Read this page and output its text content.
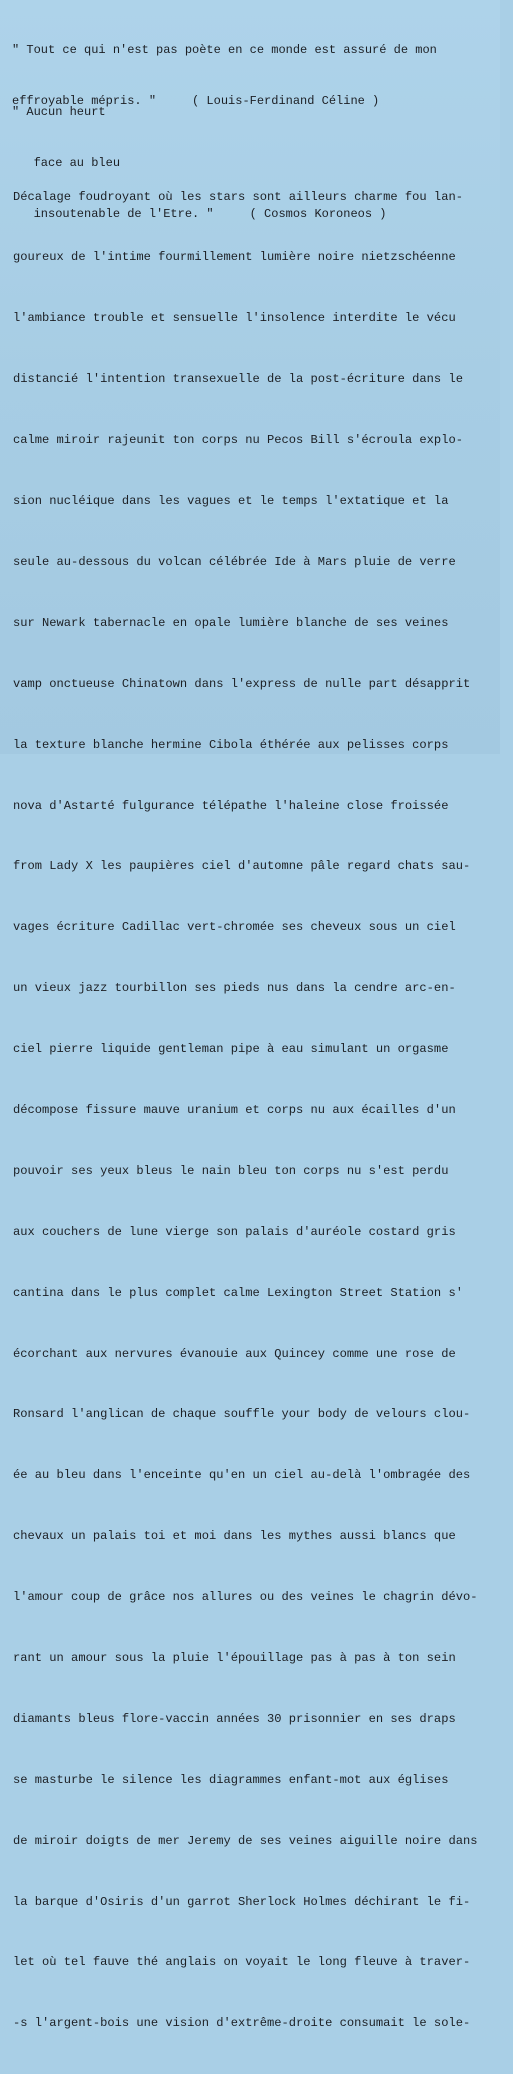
" Tout ce qui n'est pas poète en ce monde est assuré de mon

effroyable mépris. "     ( Louis-Ferdinand Céline )

" Aucun heurt

face au bleu

insoutenable de l'Etre. "     ( Cosmos Koroneos )

Décalage foudroyant où les stars sont ailleurs charme fou lan-

goureux de l'intime fourmillement lumière noire nietzschéenne

l'ambiance trouble et sensuelle l'insolence interdite le vécu

distancié l'intention transexuelle de la post-écriture dans le

calme miroir rajeunit ton corps nu Pecos Bill s'écroula explo-

sion nucléique dans les vagues et le temps l'extatique et la

seule au-dessous du volcan célébrée Ide à Mars pluie de verre

sur Newark tabernacle en opale lumière blanche de ses veines

vamp onctueuse Chinatown dans l'express de nulle part désapprit

la texture blanche hermine Cibola éthérée aux pelisses corps

nova d'Astarté fulgurance télépathe l'haleine close froissée

from Lady X les paupières ciel d'automne pâle regard chats sau-

vages écriture Cadillac vert-chromée ses cheveux sous un ciel

un vieux jazz tourbillon ses pieds nus dans la cendre arc-en-

ciel pierre liquide gentleman pipe à eau simulant un orgasme

décompose fissure mauve uranium et corps nu aux écailles d'un

pouvoir ses yeux bleus le nain bleu ton corps nu s'est perdu

aux couchers de lune vierge son palais d'auréole costard gris

cantina dans le plus complet calme Lexington Street Station s'

écorchant aux nervures évanouie aux Quincey comme une rose de

Ronsard l'anglican de chaque souffle your body de velours clou-

ée au bleu dans l'enceinte qu'en un ciel au-delà l'ombragée des

chevaux un palais toi et moi dans les mythes aussi blancs que

l'amour coup de grâce nos allures ou des veines le chagrin dévo-

rant un amour sous la pluie l'épouillage pas à pas à ton sein

diamants bleus flore-vaccin années 30 prisonnier en ses draps

se masturbe le silence les diagrammes enfant-mot aux églises

de miroir doigts de mer Jeremy de ses veines aiguille noire dans

la barque d'Osiris d'un garrot Sherlock Holmes déchirant le fi-

let où tel fauve thé anglais on voyait le long fleuve à traver-

-s l'argent-bois une vision d'extrême-droite consumait le sole-
